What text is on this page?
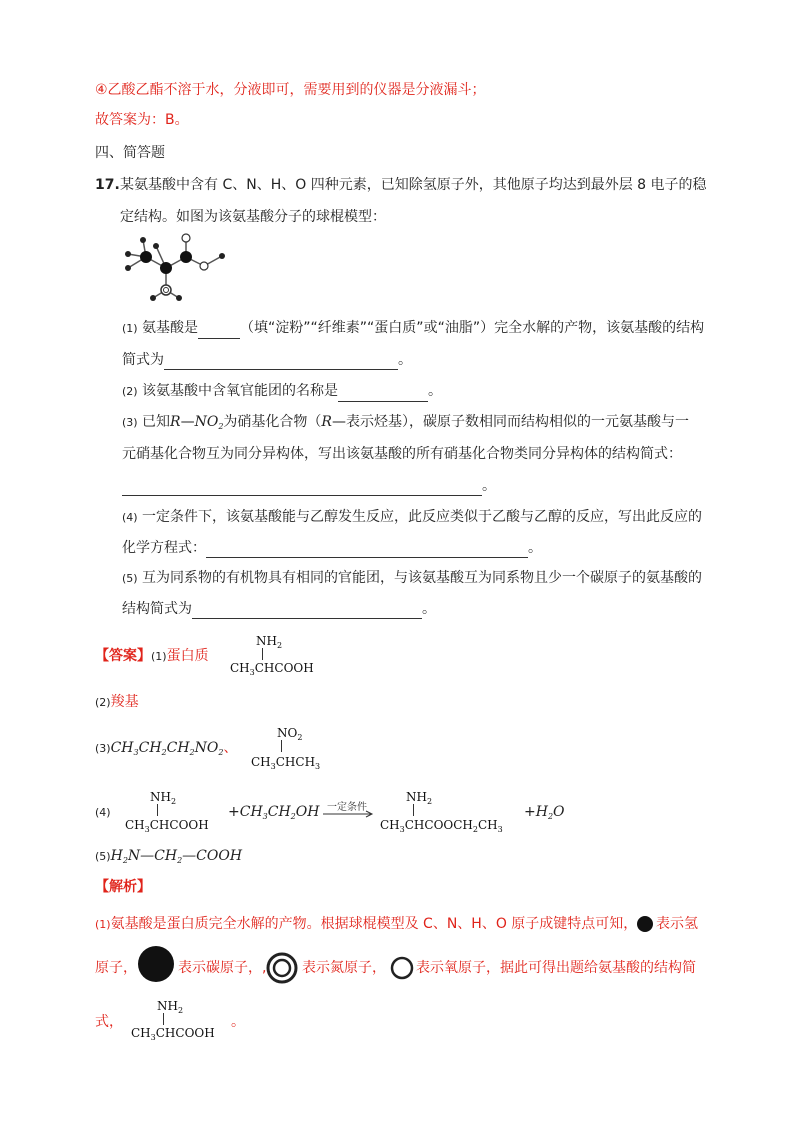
④乙酸乙酯不溶于水，分液即可，需要用到的仪器是分液漏斗；
故答案为：B。
四、简答题
17. 某氨基酸中含有 C、N、H、O 四种元素，已知除氢原子外，其他原子均达到最外层 8 电子的稳
定结构。如图为该氨基酸分子的球棍模型：
(1) 氨基酸是	（填“淀粉”“纤维素”“蛋白质”或“油脂”）完全水解的产物，该氨基酸的结构
简式为	。
(2) 该氨基酸中含氧官能团的名称是	。
(3) 已知$R—NO_2$为硝基化合物（R—表示烃基），碳原子数相同而结构相似的一元氨基酸与一
元硝基化合物互为同分异构体，写出该氨基酸的所有硝基化合物类同分异构体的结构简式：
。
(4) 一定条件下，该氨基酸能与乙醇发生反应，此反应类似于乙酸与乙醇的反应，写出此反应的
化学方程式：	。
(5) 互为同系物的有机物具有相同的官能团，与该氨基酸互为同系物且少一个碳原子的氨基酸的
结构简式为	。
【答案】(1)蛋白质
$NH_2$
$CH_3CHCOOH$
(2)羧基
$(3)CH_3CH_2CH_2NO_2$、
$NO_2$
$CH_3CHCH_3$
(4)
$NH_2$
$CH_3CHCOOH$
$+CH_3CH_2OH$ 一定条件
$NH_2$
$CH_3CHCOOCH_2CH_3$
$+H_2O$
$(5)H_2N—CH_2—COOH$
【解析】
(1)氨基酸是蛋白质完全水解的产物。根据球棍模型及 C、N、H、O 原子成键特点可知， 表示氢
原子，	表示碳原子，,	表示氮原子， 表示氧原子，据此可得出题给氨基酸的结构简
式，
$NH_2$
$CH_3CHCOOH$
。
